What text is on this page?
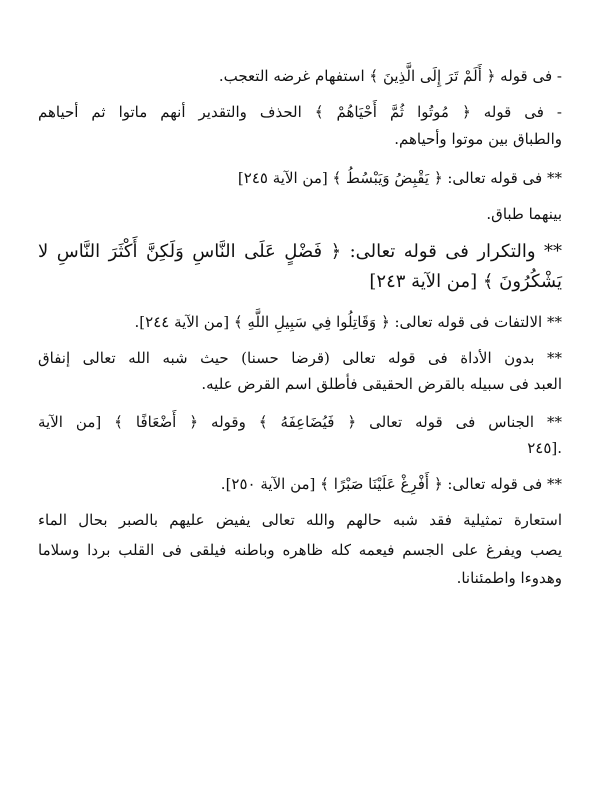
- فى قوله ﴿ أَلَمْ تَرَ إِلَى الَّذِينَ ﴾ استفهام غرضه التعجب.
- فى قوله ﴿ مُوتُوا ثُمَّ أَحْيَاهُمْ ﴾ الحذف والتقدير أنهم ماتوا ثم أحياهم
والطباق بين موتوا وأحياهم.
** فى قوله تعالى: ﴿ يَقْبِضُ وَيَبْسُطُ ﴾ [من الآية ٢٤٥]
بينهما طباق.
** والتكرار فى قوله تعالى: ﴿ فَضْلٍ عَلَى النَّاسِ وَلَكِنَّ أَكْثَرَ النَّاسِ لا
يَشْكُرُونَ ﴾ [من الآية ٢٤٣]
** الالتفات فى قوله تعالى: ﴿ وَقَاتِلُوا فِي سَبِيلِ اللَّهِ ﴾ [من الآية ٢٤٤].
** بدون الأداة فى قوله تعالى (قرضا حسنا) حيث شبه الله تعالى إنفاق
العبد فى سبيله بالقرض الحقيقى فأطلق اسم القرض عليه.
** الجناس فى قوله تعالى ﴿ فَيُضَاعِفَهُ ﴾ وقوله ﴿ أَضْعَافًا ﴾ [من الآية
٢٤٥].
** فى قوله تعالى: ﴿ أَفْرِغْ عَلَيْنَا صَبْرًا ﴾ [من الآية ٢٥٠].
استعارة تمثيلية فقد شبه حالهم والله تعالى يفيض عليهم بالصبر بحال الماء
يصب ويفرغ على الجسم فيعمه كله ظاهره وباطنه فيلقى فى القلب بردا وسلاما
وهدوءا واطمئنانا.
